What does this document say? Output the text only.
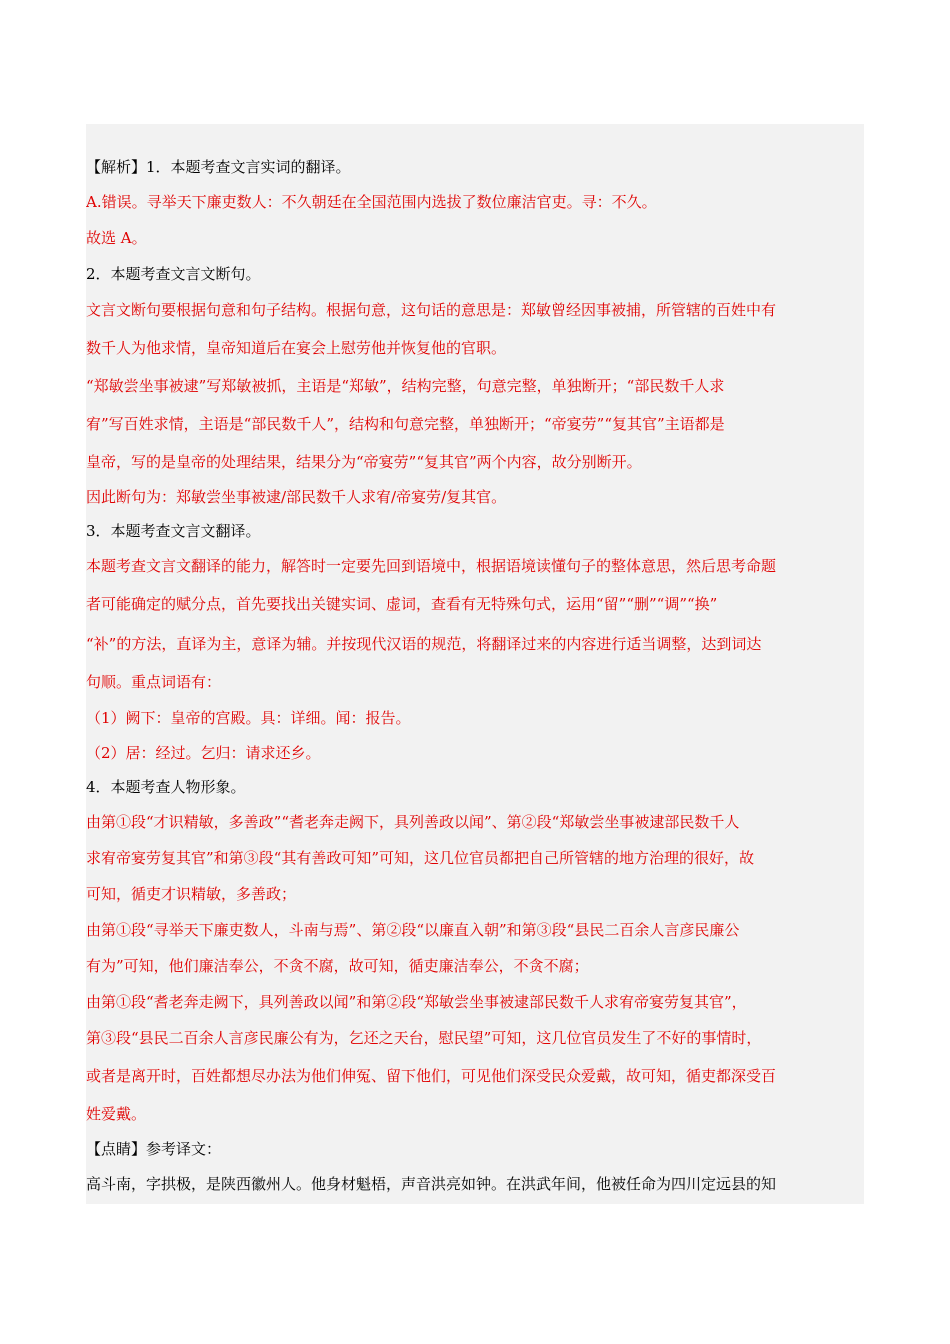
【解析】1．本题考查文言实词的翻译。
A.错误。寻举天下廉吏数人：不久朝廷在全国范围内选拔了数位廉洁官吏。寻：不久。
故选 A。
2．本题考查文言文断句。
文言文断句要根据句意和句子结构。根据句意，这句话的意思是：郑敏曾经因事被捕，所管辖的百姓中有
数千人为他求情，皇帝知道后在宴会上慰劳他并恢复他的官职。
“郑敏尝坐事被逮”写郑敏被抓，主语是“郑敏”，结构完整，句意完整，单独断开；“部民数千人求
宥”写百姓求情，主语是“部民数千人”，结构和句意完整，单独断开；“帝宴劳”“复其官”主语都是
皇帝，写的是皇帝的处理结果，结果分为“帝宴劳”“复其官”两个内容，故分别断开。
因此断句为：郑敏尝坐事被逮/部民数千人求宥/帝宴劳/复其官。
3．本题考查文言文翻译。
本题考查文言文翻译的能力，解答时一定要先回到语境中，根据语境读懂句子的整体意思，然后思考命题
者可能确定的赋分点，首先要找出关键实词、虚词，查看有无特殊句式，运用“留”“删”“调”“换”
“补”的方法，直译为主，意译为辅。并按现代汉语的规范，将翻译过来的内容进行适当调整，达到词达
句顺。重点词语有：
（1）阙下：皇帝的宫殿。具：详细。闻：报告。
（2）居：经过。乞归：请求还乡。
4．本题考查人物形象。
由第①段“才识精敏，多善政”“耆老奔走阙下，具列善政以闻”、第②段“郑敏尝坐事被逮部民数千人
求宥帝宴劳复其官”和第③段“其有善政可知”可知，这几位官员都把自己所管辖的地方治理的很好，故
可知，循吏才识精敏，多善政；
由第①段“寻举天下廉吏数人，斗南与焉”、第②段“以廉直入朝”和第③段“县民二百余人言彦民廉公
有为”可知，他们廉洁奉公，不贪不腐，故可知，循吏廉洁奉公，不贪不腐；
由第①段“耆老奔走阙下，具列善政以闻”和第②段“郑敏尝坐事被逮部民数千人求宥帝宴劳复其官”，
第③段“县民二百余人言彦民廉公有为，乞还之天台，慰民望”可知，这几位官员发生了不好的事情时，
或者是离开时，百姓都想尽办法为他们伸冤、留下他们，可见他们深受民众爱戴，故可知，循吏都深受百
姓爱戴。
【点睛】参考译文：
高斗南，字拱极，是陕西徽州人。他身材魁梧，声音洪亮如钟。在洪武年间，他被任命为四川定远县的知
